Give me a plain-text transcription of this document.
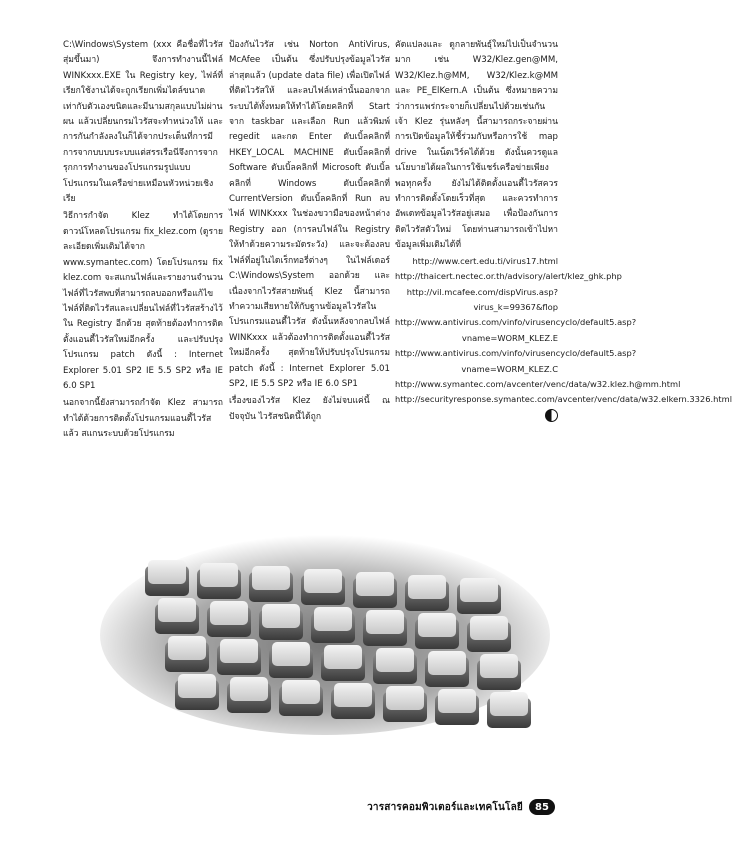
C:\Windows\System (xxx คือชื่อที่ไวรัสสุ่มขึ้นมา) จึงการทำงานนี้ไฟล์ WINKxxx.EXE ใน Registry key, ไฟล์ที่เรียกใช้งานได้จะถูกเรียกเพิ่มไดล์ขนาดเท่ากับตัวเองขนิดและมีนามสกุลแบบไม่ผ่านผน แล้วเปลี่ยนกรมไวรัสจะทำหน่วงให้ และการกันกำลังลงในก็ได้จากประเด็นที่การมีการจากบบบบระบบแต่สรรเรือนีจึงการจากรุกการทำงานของโปรแกรมรูปแบบโปรแกรมในเครือข่ายเหมือนหัวหน่วยเชิงเรีย

วิธีการกำจัด Klez ทำได้โดยการดาวน์โหลดโปรแกรม fix_klez.com (ดูรายละเอียดเพิ่มเติมได้จาก www.symantec.com) โดยโปรแกรม fix klez.com จะสแกนไฟล์และรายงานจำนวนไฟล์ที่ไวรัสพบที่สามารถลบออกหรือแก้ไขไฟล์ที่ติดไวรัสและเปลี่ยนไฟล์ที่ไวรัสสร้างไว้ใน Registry อีกด้วย สุดท้ายต้องทำการติดตั้งแอนตี้ไวรัสใหม่อีกครั้ง และปรับปรุงโปรแกรม patch ดังนี้ : Internet Explorer 5.01 SP2 IE 5.5 SP2 หรือ IE 6.0 SP1

นอกจากนี้ยังสามารถกำจัด Klez สามารถทำได้ด้วยการติดตั้งโปรแกรมแอนตี้ไวรัสแล้ว สแกนระบบด้วยโปรแกรม

ป้องกันไวรัส เช่น Norton AntiVirus, McAfee เป็นต้น ซึ่งปรับปรุงข้อมูลไวรัสล่าสุดแล้ว (update data file) เพื่อเปิดไฟล์ที่ติดไวรัสให้ และลบไฟล์เหล่านั้นออกจากระบบได้ทั้งหมดให้ทำได้โดยคลิกที่ Start จาก taskbar และเลือก Run แล้วพิมพ์ regedit และกด Enter ดับเบิ้ลคลิกที่ HKEY_LOCAL MACHINE ดับเบิ้ลคลิกที่ Software ดับเบิ้ลคลิกที่ Microsoft ดับเบิ้ลคลิกที่ Windows ดับเบิ้ลคลิกที่ CurrentVersion ดับเบิ้ลคลิกที่ Run ลบไฟล์ WINKxxx ในช่องขวามือของหน้าต่าง Registry ออก (การลบไฟล์ใน Registry ให้ทำด้วยความระมัดระวัง) และจะต้องลบไฟล์ที่อยู่ในไดเร็กทอรี่ต่างๆ ในไฟล์เดอร์ C:\Windows\System ออกด้วย และเนื่องจากไวรัสสายพันธุ์ Klez นี้สามารถทำความเสียหายให้กับฐานข้อมูลไวรัสในโปรแกรมแอนตี้ไวรัส ดังนั้นหลังจากลบไฟล์ WINKxxx แล้วต้องทำการติดตั้งแอนตี้ไวรัสใหม่อีกครั้ง สุดท้ายให้ปรับปรุงโปรแกรม patch ดังนี้ : Internet Explorer 5.01 SP2, IE 5.5 SP2 หรือ IE 6.0 SP1

เรื่องของไวรัส Klez ยังไม่จบแค่นี้ ณ ปัจจุบัน ไวรัสชนิดนี้ได้ถูก

คัดแปลงและ ดูกลายพันธุ์ใหม่ไปเป็นจำนวนมาก เช่น W32/Klez.gen@MM, W32/Klez.h@MM, W32/Klez.k@MM และ PE_ElKern.A เป็นต้น ซึ่งหมายความว่าการแพร่กระจายก็เปลี่ยนไปด้วยเช่นกัน เจ้า Klez รุ่นหลังๆ นี้สามารถกระจายผ่านการเปิดข้อมูลให้ชี้ร่วมกับหรือการใช้ map drive ในเน็ตเวิร์คได้ด้วย ดังนั้นควรดูแลนโยบายได้ผลในการใช้แชร์เครือข่ายเพียงพอทุกครั้ง ยังไม่ได้ติดตั้งแอนตี้ไวรัสควรทำการติดตั้งโดยเร็วที่สุด และควรทำการอัพเดทข้อมูลไวรัสอยู่เสมอ เพื่อป้องกันการติดไวรัสตัวใหม่ โดยท่านสามารถเข้าไปหาข้อมูลเพิ่มเติมได้ที่

http://www.cert.edu.ti/virus17.html
http://thaicert.nectec.or.th/advisory/alert/klez_ghk.php
http://vil.mcafee.com/dispVirus.asp?virus_k=99367&flop
http://www.antivirus.com/vinfo/virusencyclo/default5.asp?vname=WORM_KLEZ.E
http://www.antivirus.com/vinfo/virusencyclo/default5.asp?vname=WORM_KLEZ.C
http://www.symantec.com/avcenter/venc/data/w32.klez.h@mm.html
http://securityresponse.symantec.com/avcenter/venc/data/w32.elkern.3326.html
วารสารคอมพิวเตอร์และเทคโนโลยี	85
